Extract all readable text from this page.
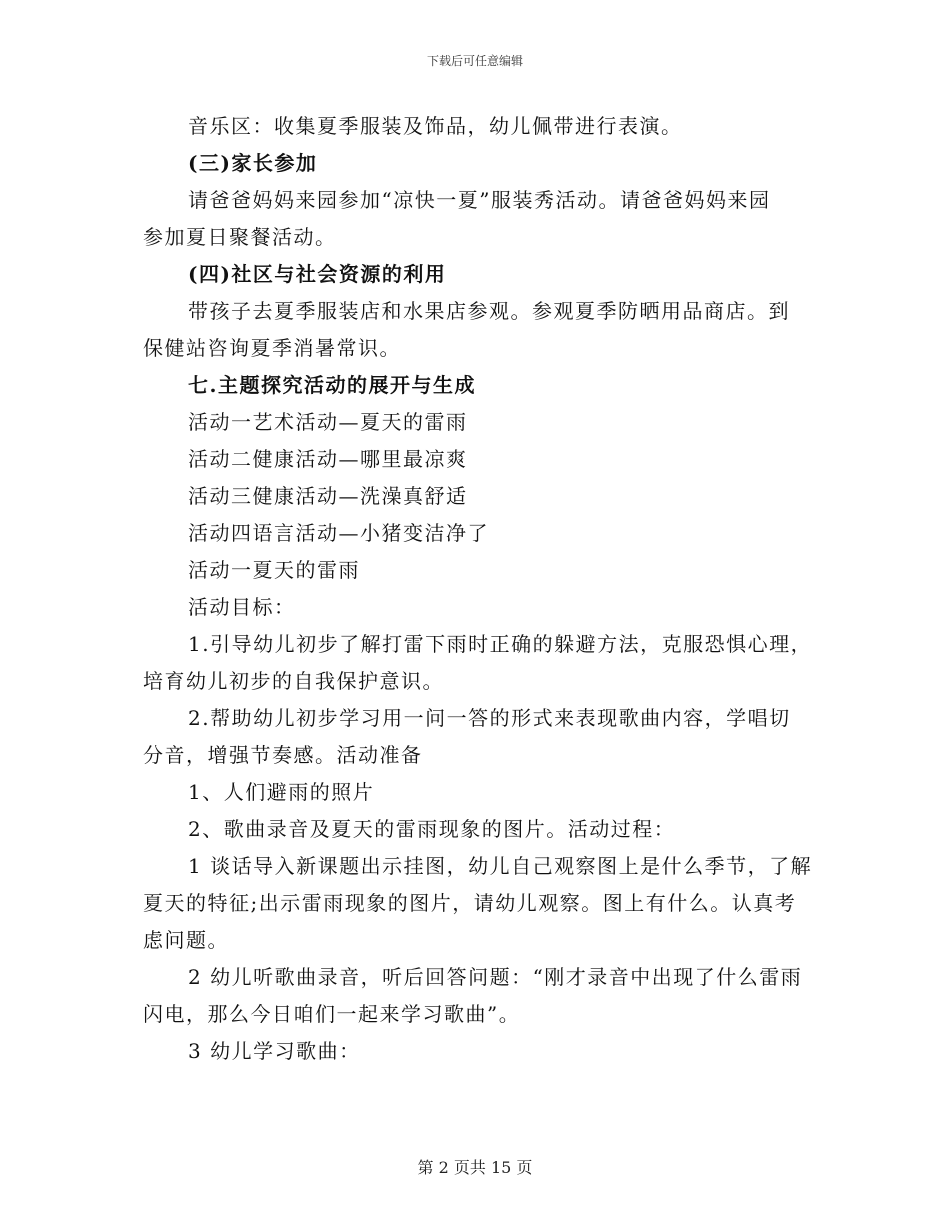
下载后可任意编辑
音乐区：收集夏季服装及饰品，幼儿佩带进行表演。
(三)家长参加
请爸爸妈妈来园参加“凉快一夏”服装秀活动。请爸爸妈妈来园
参加夏日聚餐活动。
(四)社区与社会资源的利用
带孩子去夏季服装店和水果店参观。参观夏季防晒用品商店。到
保健站咨询夏季消暑常识。
七.主题探究活动的展开与生成
活动一艺术活动—夏天的雷雨
活动二健康活动—哪里最凉爽
活动三健康活动—洗澡真舒适
活动四语言活动—小猪变洁净了
活动一夏天的雷雨
活动目标：
1.引导幼儿初步了解打雷下雨时正确的躲避方法，克服恐惧心理，
培育幼儿初步的自我保护意识。
2.帮助幼儿初步学习用一问一答的形式来表现歌曲内容，学唱切
分音，增强节奏感。活动准备
1、人们避雨的照片
2、歌曲录音及夏天的雷雨现象的图片。活动过程：
1 谈话导入新课题出示挂图，幼儿自己观察图上是什么季节，了解
夏天的特征;出示雷雨现象的图片，请幼儿观察。图上有什么。认真考
虑问题。
2 幼儿听歌曲录音，听后回答问题：“刚才录音中出现了什么雷雨
闪电，那么今日咱们一起来学习歌曲”。
3 幼儿学习歌曲：
第 2 页共 15 页
